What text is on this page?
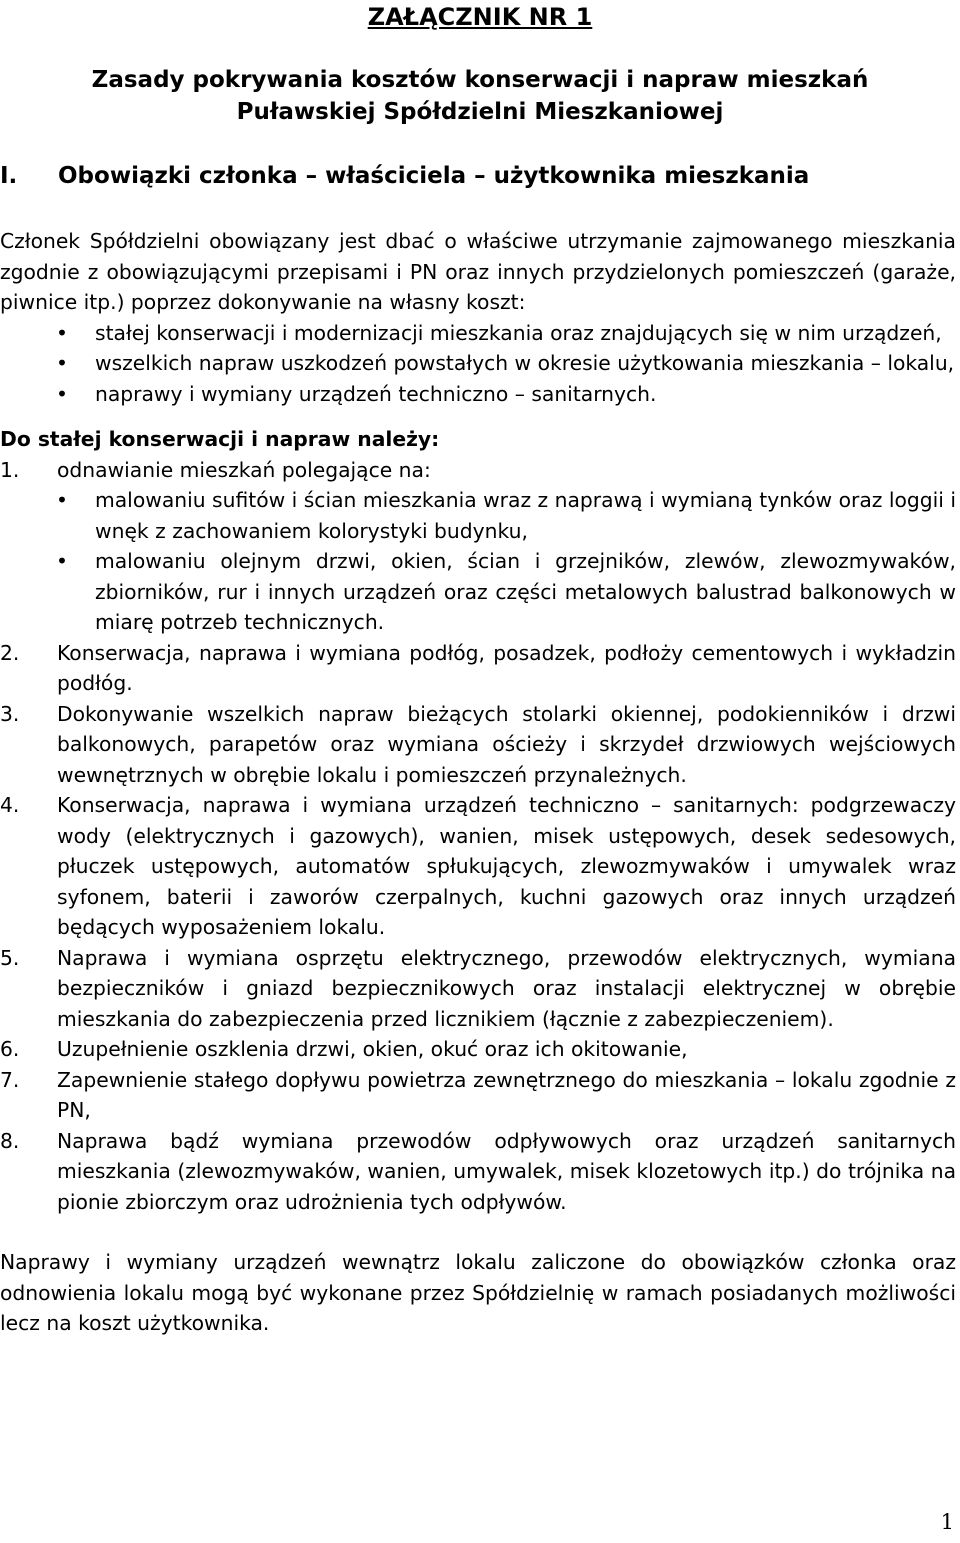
ZAŁĄCZNIK NR 1
Zasady pokrywania kosztów konserwacji i napraw mieszkań
Puławskiej Spółdzielni Mieszkaniowej
I. Obowiązki członka – właściciela – użytkownika mieszkania

Członek Spółdzielni obowiązany jest dbać o właściwe utrzymanie zajmowanego mieszkania zgodnie z obowiązującymi przepisami i PN oraz innych przydzielonych pomieszczeń (garaże, piwnice itp.) poprzez dokonywanie na własny koszt:

• stałej konserwacji i modernizacji mieszkania oraz znajdujących się w nim urządzeń,
• wszelkich napraw uszkodzeń powstałych w okresie użytkowania mieszkania – lokalu,
• naprawy i wymiany urządzeń techniczno – sanitarnych.

Do stałej konserwacji i napraw należy:

1. odnawianie mieszkań polegające na:
• malowaniu sufitów i ścian mieszkania wraz z naprawą i wymianą tynków oraz loggii i wnęk z zachowaniem kolorystyki budynku,
• malowaniu olejnym drzwi, okien, ścian i grzejników, zlewów, zlewozmywaków, zbiorników, rur i innych urządzeń oraz części metalowych balustrad balkonowych w miarę potrzeb technicznych.
2. Konserwacja, naprawa i wymiana podłóg, posadzek, podłoży cementowych i wykładzin podłóg.
3. Dokonywanie wszelkich napraw bieżących stolarki okiennej, podokienników i drzwi balkonowych, parapetów oraz wymiana ościeży i skrzydeł drzwiowych wejściowych wewnętrznych w obrębie lokalu i pomieszczeń przynależnych.
4. Konserwacja, naprawa i wymiana urządzeń techniczno – sanitarnych: podgrzewaczy wody (elektrycznych i gazowych), wanien, misek ustępowych, desek sedesowych, płuczek ustępowych, automatów spłukujących, zlewozmywaków i umywalek wraz syfonem, baterii i zaworów czerpalnych, kuchni gazowych oraz innych urządzeń będących wyposażeniem lokalu.
5. Naprawa i wymiana osprzętu elektrycznego, przewodów elektrycznych, wymiana bezpieczników i gniazd bezpiecznikowych oraz instalacji elektrycznej w obrębie mieszkania do zabezpieczenia przed licznikiem (łącznie z zabezpieczeniem).
6. Uzupełnienie oszklenia drzwi, okien, okuć oraz ich okitowanie,
7. Zapewnienie stałego dopływu powietrza zewnętrznego do mieszkania – lokalu zgodnie z PN,
8. Naprawa bądź wymiana przewodów odpływowych oraz urządzeń sanitarnych mieszkania (zlewozmywaków, wanien, umywalek, misek klozetowych itp.) do trójnika na pionie zbiorczym oraz udrożnienia tych odpływów.

Naprawy i wymiany urządzeń wewnątrz lokalu zaliczone do obowiązków członka oraz odnowienia lokalu mogą być wykonane przez Spółdzielnię w ramach posiadanych możliwości lecz na koszt użytkownika.

1
